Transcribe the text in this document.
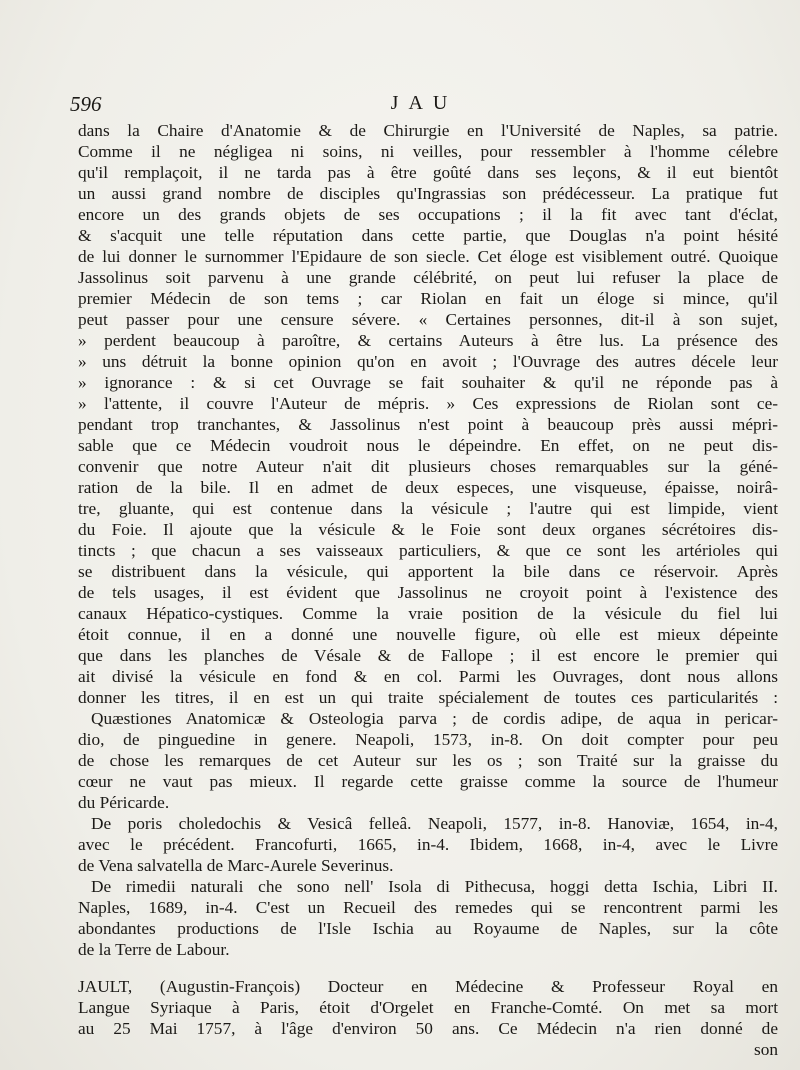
596	JAU
dans la Chaire d'Anatomie & de Chirurgie en l'Université de Naples, sa patrie.
Comme il ne négligea ni soins, ni veilles, pour ressembler à l'homme célebre
qu'il remplaçoit, il ne tarda pas à être goûté dans ses leçons, & il eut bientôt
un aussi grand nombre de disciples qu'Ingrassias son prédécesseur. La pratique fut
encore un des grands objets de ses occupations ; il la fit avec tant d'éclat,
& s'acquit une telle réputation dans cette partie, que Douglas n'a point hésité
de lui donner le surnommer l'Epidaure de son siecle. Cet éloge est visiblement outré. Quoique
Jassolinus soit parvenu à une grande célébrité, on peut lui refuser la place de
premier Médecin de son tems ; car Riolan en fait un éloge si mince, qu'il
peut passer pour une censure sévere. « Certaines personnes, dit-il à son sujet,
» perdent beaucoup à paroître, & certains Auteurs à être lus. La présence des
» uns détruit la bonne opinion qu'on en avoit ; l'Ouvrage des autres décele leur
» ignorance : & si cet Ouvrage se fait souhaiter & qu'il ne réponde pas à
» l'attente, il couvre l'Auteur de mépris. » Ces expressions de Riolan sont ce-
pendant trop tranchantes, & Jassolinus n'est point à beaucoup près aussi mépri-
sable que ce Médecin voudroit nous le dépeindre. En effet, on ne peut dis-
convenir que notre Auteur n'ait dit plusieurs choses remarquables sur la géné-
ration de la bile. Il en admet de deux especes, une visqueuse, épaisse, noirâ-
tre, gluante, qui est contenue dans la vésicule ; l'autre qui est limpide, vient
du Foie. Il ajoute que la vésicule & le Foie sont deux organes sécrétoires dis-
tincts ; que chacun a ses vaisseaux particuliers, & que ce sont les artérioles qui
se distribuent dans la vésicule, qui apportent la bile dans ce réservoir. Après
de tels usages, il est évident que Jassolinus ne croyoit point à l'existence des
canaux Hépatico-cystiques. Comme la vraie position de la vésicule du fiel lui
étoit connue, il en a donné une nouvelle figure, où elle est mieux dépeinte
que dans les planches de Vésale & de Fallope ; il est encore le premier qui
ait divisé la vésicule en fond & en col. Parmi les Ouvrages, dont nous allons
donner les titres, il en est un qui traite spécialement de toutes ces particularités :
Quæstiones Anatomicæ & Osteologia parva ; de cordis adipe, de aqua in pericar-
dio, de pinguedine in genere. Neapoli, 1573, in-8. On doit compter pour peu
de chose les remarques de cet Auteur sur les os ; son Traité sur la graisse du
cœur ne vaut pas mieux. Il regarde cette graisse comme la source de l'humeur
du Péricarde.
De poris choledochis & Vesicâ felleâ. Neapoli, 1577, in-8. Hanoviæ, 1654, in-4,
avec le précédent. Francofurti, 1665, in-4. Ibidem, 1668, in-4, avec le Livre
de Vena salvatella de Marc-Aurele Severinus.
De rimedii naturali che sono nell' Isola di Pithecusa, hoggi detta Ischia, Libri II.
Naples, 1689, in-4. C'est un Recueil des remedes qui se rencontrent parmi les
abondantes productions de l'Isle Ischia au Royaume de Naples, sur la côte
de la Terre de Labour.
JAULT, (Augustin-François) Docteur en Médecine & Professeur Royal en
Langue Syriaque à Paris, étoit d'Orgelet en Franche-Comté. On met sa mort
au 25 Mai 1757, à l'âge d'environ 50 ans. Ce Médecin n'a rien donné de
son
